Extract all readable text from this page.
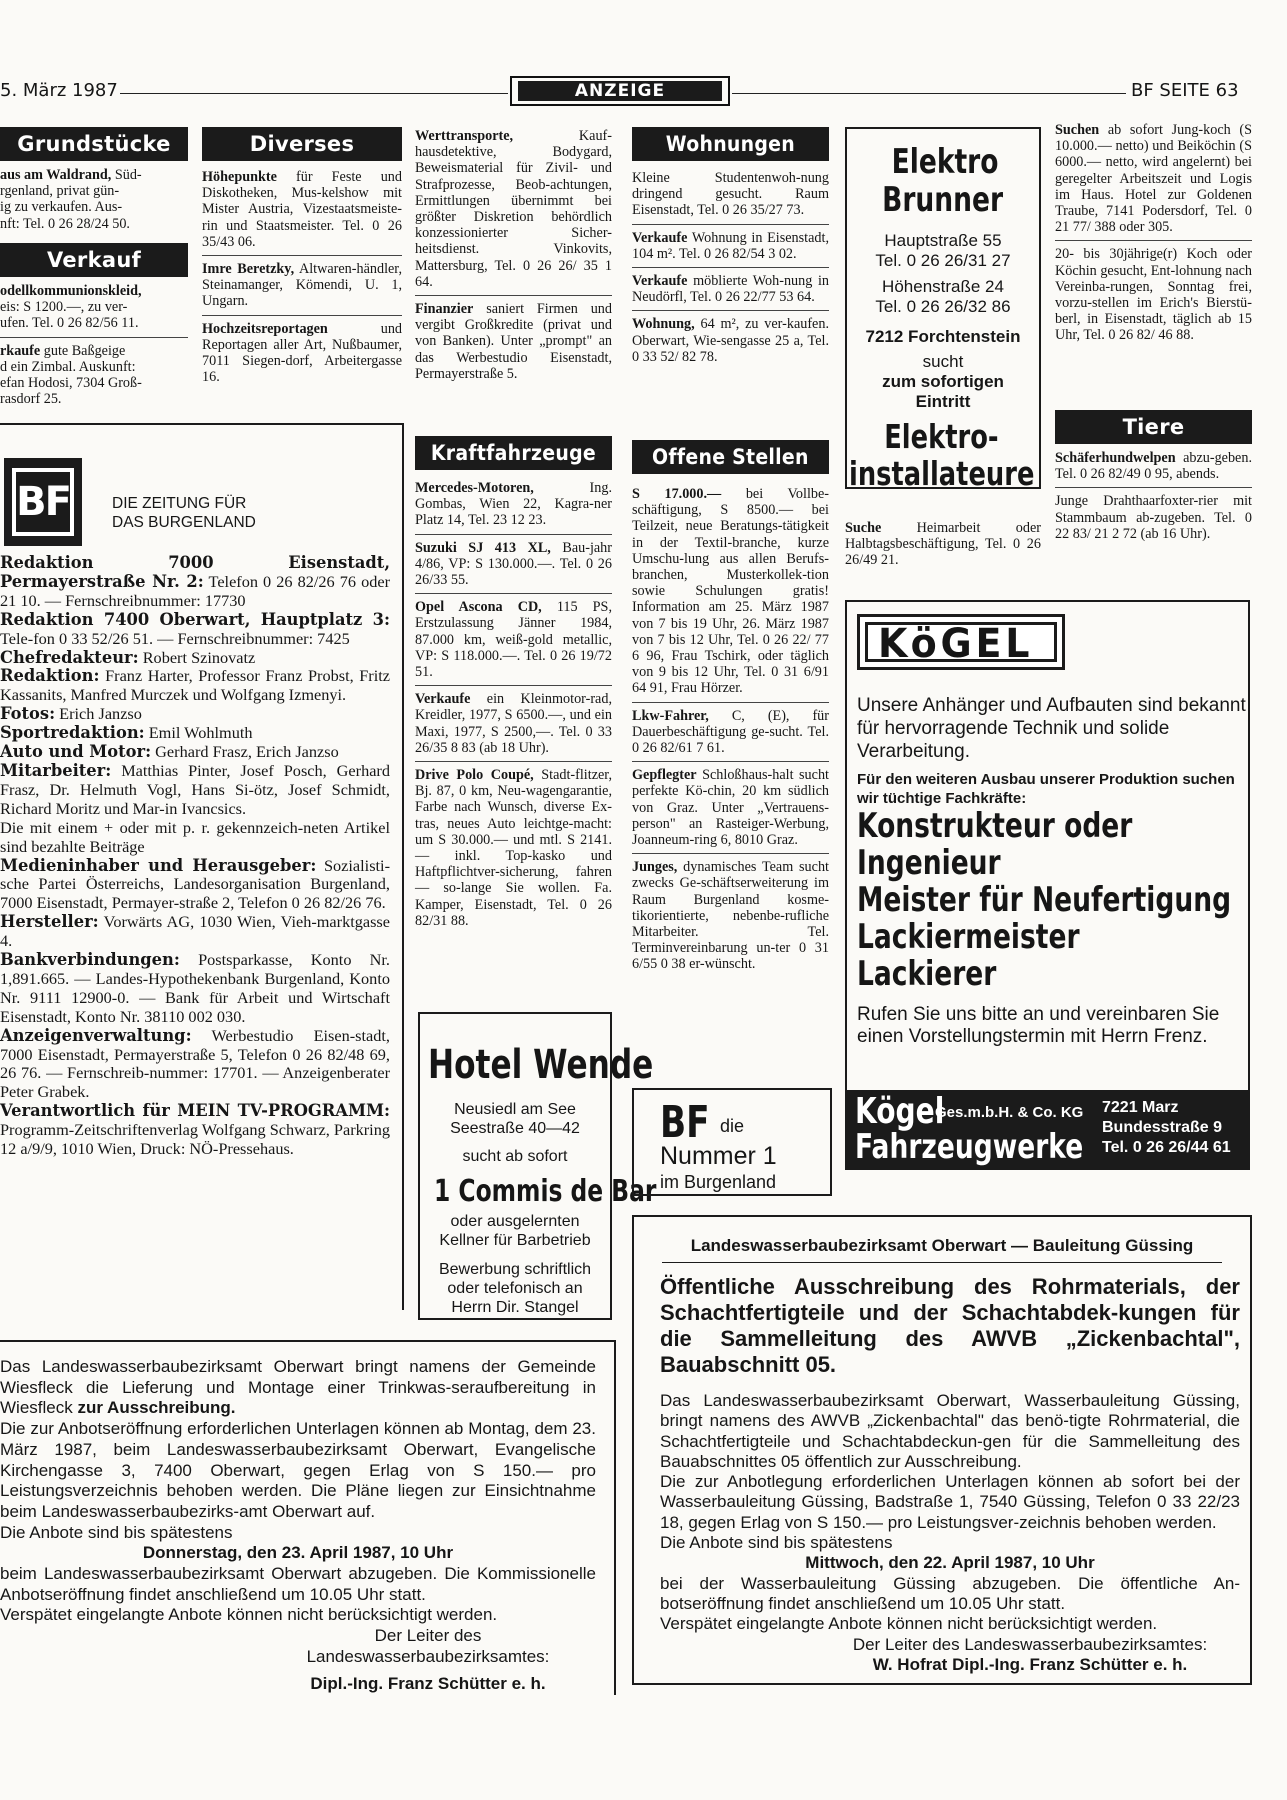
5. März 1987	ANZEIGE	BF SEITE 63
Grundstücke

aus am Waldrand, Süd-
rgenland, privat gün-
ig zu verkaufen. Aus-
nft: Tel. 0 26 28/24 50.

Verkauf

odellkommunionskleid,
eis: S 1200.—, zu ver-
ufen. Tel. 0 26 82/56 11.

rkaufe gute Baßgeige
d ein Zimbal. Auskunft:
efan Hodosi, 7304 Groß-
rasdorf 25.

Diverses

Höhepunkte für Feste und Diskotheken, Mus-kelshow mit Mister Austria, Vizestaatsmeiste-rin und Staatsmeister. Tel. 0 26 35/43 06.

Imre Beretzky, Altwaren-händler, Steinamanger, Kömendi, U. 1, Ungarn.

Hochzeitsreportagen und Reportagen aller Art, Nußbaumer, 7011 Siegen-dorf, Arbeitergasse 16.

BF	DIE ZEITUNG FÜR
DAS BURGENLAND

Redaktion 7000 Eisenstadt, Permayerstraße Nr. 2: Telefon 0 26 82/26 76 oder 21 10. — Fernschreibnummer: 17730

Redaktion 7400 Oberwart, Hauptplatz 3: Tele-fon 0 33 52/26 51. — Fernschreibnummer: 7425

Chefredakteur: Robert Szinovatz

Redaktion: Franz Harter, Professor Franz Probst, Fritz Kassanits, Manfred Murczek und Wolfgang Izmenyi.

Fotos: Erich Janzso

Sportredaktion: Emil Wohlmuth

Auto und Motor: Gerhard Frasz, Erich Janzso

Mitarbeiter: Matthias Pinter, Josef Posch, Gerhard Frasz, Dr. Helmuth Vogl, Hans Si-ötz, Josef Schmidt, Richard Moritz und Mar-in Ivancsics.

Die mit einem + oder mit p. r. gekennzeich-neten Artikel sind bezahlte Beiträge

Medieninhaber und Herausgeber: Sozialisti-sche Partei Österreichs, Landesorganisation Burgenland, 7000 Eisenstadt, Permayer-straße 2, Telefon 0 26 82/26 76.

Hersteller: Vorwärts AG, 1030 Wien, Vieh-marktgasse 4.

Bankverbindungen: Postsparkasse, Konto Nr. 1,891.665. — Landes-Hypothekenbank Burgenland, Konto Nr. 9111 12900-0. — Bank für Arbeit und Wirtschaft Eisenstadt, Konto Nr. 38110 002 030.

Anzeigenverwaltung: Werbestudio Eisen-stadt, 7000 Eisenstadt, Permayerstraße 5, Telefon 0 26 82/48 69, 26 76. — Fernschreib-nummer: 17701. — Anzeigenberater Peter Grabek.

Verantwortlich für MEIN TV-PROGRAMM: Programm-Zeitschriftenverlag Wolfgang Schwarz, Parkring 12 a/9/9, 1010 Wien, Druck: NÖ-Pressehaus.

Werttransporte, Kauf-hausdetektive, Bodygard, Beweismaterial für Zivil- und Strafprozesse, Beob-achtungen, Ermittlungen übernimmt bei größter Diskretion behördlich konzessionierter Sicher-heitsdienst. Vinkovits, Mattersburg, Tel. 0 26 26/ 35 1 64.

Finanzier saniert Firmen und vergibt Großkredite (privat und von Banken). Unter „prompt" an das Werbestudio Eisenstadt, Permayerstraße 5.

Kraftfahrzeuge

Mercedes-Motoren, Ing. Gombas, Wien 22, Kagra-ner Platz 14, Tel. 23 12 23.

Suzuki SJ 413 XL, Bau-jahr 4/86, VP: S 130.000.—. Tel. 0 26 26/33 55.

Opel Ascona CD, 115 PS, Erstzulassung Jänner 1984, 87.000 km, weiß-gold metallic, VP: S 118.000.—. Tel. 0 26 19/72 51.

Verkaufe ein Kleinmotor-rad, Kreidler, 1977, S 6500.—, und ein Maxi, 1977, S 2500,—. Tel. 0 33 26/35 8 83 (ab 18 Uhr).

Drive Polo Coupé, Stadt-flitzer, Bj. 87, 0 km, Neu-wagengarantie, Farbe nach Wunsch, diverse Ex-tras, neues Auto leichtge-macht: um S 30.000.— und mtl. S 2141.— inkl. Top-kasko und Haftpflichtver-sicherung, fahren — so-lange Sie wollen. Fa. Kamper, Eisenstadt, Tel. 0 26 82/31 88.

Hotel Wende
Neusiedl am See
Seestraße 40—42
sucht ab sofort
1 Commis de Bar
oder ausgelernten
Kellner für Barbetrieb
Bewerbung schriftlich
oder telefonisch an
Herrn Dir. Stangel
Wohnungen

Kleine Studentenwoh-nung dringend gesucht. Raum Eisenstadt, Tel. 0 26 35/27 73.

Verkaufe Wohnung in Eisenstadt, 104 m². Tel. 0 26 82/54 3 02.

Verkaufe möblierte Woh-nung in Neudörfl, Tel. 0 26 22/77 53 64.

Wohnung, 64 m², zu ver-kaufen. Oberwart, Wie-sengasse 25 a, Tel. 0 33 52/ 82 78.

Offene Stellen

S 17.000.— bei Vollbe-schäftigung, S 8500.— bei Teilzeit, neue Beratungs-tätigkeit in der Textil-branche, kurze Umschu-lung aus allen Berufs-branchen, Musterkollek-tion sowie Schulungen gratis! Information am 25. März 1987 von 7 bis 19 Uhr, 26. März 1987 von 7 bis 12 Uhr, Tel. 0 26 22/ 77 6 96, Frau Tschirk, oder täglich von 9 bis 12 Uhr, Tel. 0 31 6/91 64 91, Frau Hörzer.

Lkw-Fahrer, C, (E), für Dauerbeschäftigung ge-sucht. Tel. 0 26 82/61 7 61.

Gepflegter Schloßhaus-halt sucht perfekte Kö-chin, 20 km südlich von Graz. Unter „Vertrauens-person" an Rasteiger-Werbung, Joanneum-ring 6, 8010 Graz.

Junges, dynamisches Team sucht zwecks Ge-schäftserweiterung im Raum Burgenland kosme-tikorientierte, nebenbe-rufliche Mitarbeiter. Tel. Terminvereinbarung un-ter 0 31 6/55 0 38 er-wünscht.

BF die
Nummer 1
im Burgenland
Elektro
Brunner
Hauptstraße 55
Tel. 0 26 26/31 27
Höhenstraße 24
Tel. 0 26 26/32 86
7212 Forchtenstein
sucht
zum sofortigen
Eintritt
Elektro-
installateure

Suche Heimarbeit oder Halbtagsbeschäftigung, Tel. 0 26 26/49 21.

Suchen ab sofort Jung-koch (S 10.000.— netto) und Beiköchin (S 6000.— netto, wird angelernt) bei geregelter Arbeitszeit und Logis im Haus. Hotel zur Goldenen Traube, 7141 Podersdorf, Tel. 0 21 77/ 388 oder 305.

20- bis 30jährige(r) Koch oder Köchin gesucht, Ent-lohnung nach Vereinba-rungen, Sonntag frei, vorzu-stellen im Erich's Bierstü-berl, in Eisenstadt, täglich ab 15 Uhr, Tel. 0 26 82/ 46 88.

Tiere

Schäferhundwelpen abzu-geben. Tel. 0 26 82/49 0 95, abends.

Junge Drahthaarfoxter-rier mit Stammbaum ab-zugeben. Tel. 0 22 83/ 21 2 72 (ab 16 Uhr).

KöGEL
Unsere Anhänger und Aufbauten sind bekannt für hervorragende Technik und solide Verarbeitung.
Für den weiteren Ausbau unserer Produktion suchen wir tüchtige Fachkräfte:
Konstrukteur oder
Ingenieur
Meister für Neufertigung
Lackiermeister
Lackierer
Rufen Sie uns bitte an und vereinbaren Sie einen Vorstellungstermin mit Herrn Frenz.
Kögel
Ges.m.b.H. & Co. KG
Fahrzeugwerke
7221 Marz
Bundesstraße 9
Tel. 0 26 26/44 61

Das Landeswasserbaubezirksamt Oberwart bringt namens der Gemeinde Wiesfleck die Lieferung und Montage einer Trinkwas-seraufbereitung in Wiesfleck zur Ausschreibung.

Die zur Anbotseröffnung erforderlichen Unterlagen können ab Montag, dem 23. März 1987, beim Landeswasserbaubezirksamt Oberwart, Evangelische Kirchengasse 3, 7400 Oberwart, gegen Erlag von S 150.— pro Leistungsverzeichnis behoben werden. Die Pläne liegen zur Einsichtnahme beim Landeswasserbaubezirks-amt Oberwart auf.

Die Anbote sind bis spätestens

Donnerstag, den 23. April 1987, 10 Uhr

beim Landeswasserbaubezirksamt Oberwart abzugeben. Die Kommissionelle Anbotseröffnung findet anschließend um 10.05 Uhr statt.

Verspätet eingelangte Anbote können nicht berücksichtigt werden.

Der Leiter des
Landeswasserbaubezirksamtes:
Dipl.-Ing. Franz Schütter e. h.
Landeswasserbaubezirksamt Oberwart — Bauleitung Güssing
Öffentliche Ausschreibung des Rohrmaterials, der Schachtfertigteile und der Schachtabdek-kungen für die Sammelleitung des AWVB „Zickenbachtal", Bauabschnitt 05.

Das Landeswasserbaubezirksamt Oberwart, Wasserbauleitung Güssing, bringt namens des AWVB „Zickenbachtal" das benö-tigte Rohrmaterial, die Schachtfertigteile und Schachtabdeckun-gen für die Sammelleitung des Bauabschnittes 05 öffentlich zur Ausschreibung.

Die zur Anbotlegung erforderlichen Unterlagen können ab sofort bei der Wasserbauleitung Güssing, Badstraße 1, 7540 Güssing, Telefon 0 33 22/23 18, gegen Erlag von S 150.— pro Leistungsver-zeichnis behoben werden.

Die Anbote sind bis spätestens

Mittwoch, den 22. April 1987, 10 Uhr

bei der Wasserbauleitung Güssing abzugeben. Die öffentliche An-botseröffnung findet anschließend um 10.05 Uhr statt.

Verspätet eingelangte Anbote können nicht berücksichtigt werden.

Der Leiter des Landeswasserbaubezirksamtes:
W. Hofrat Dipl.-Ing. Franz Schütter e. h.
